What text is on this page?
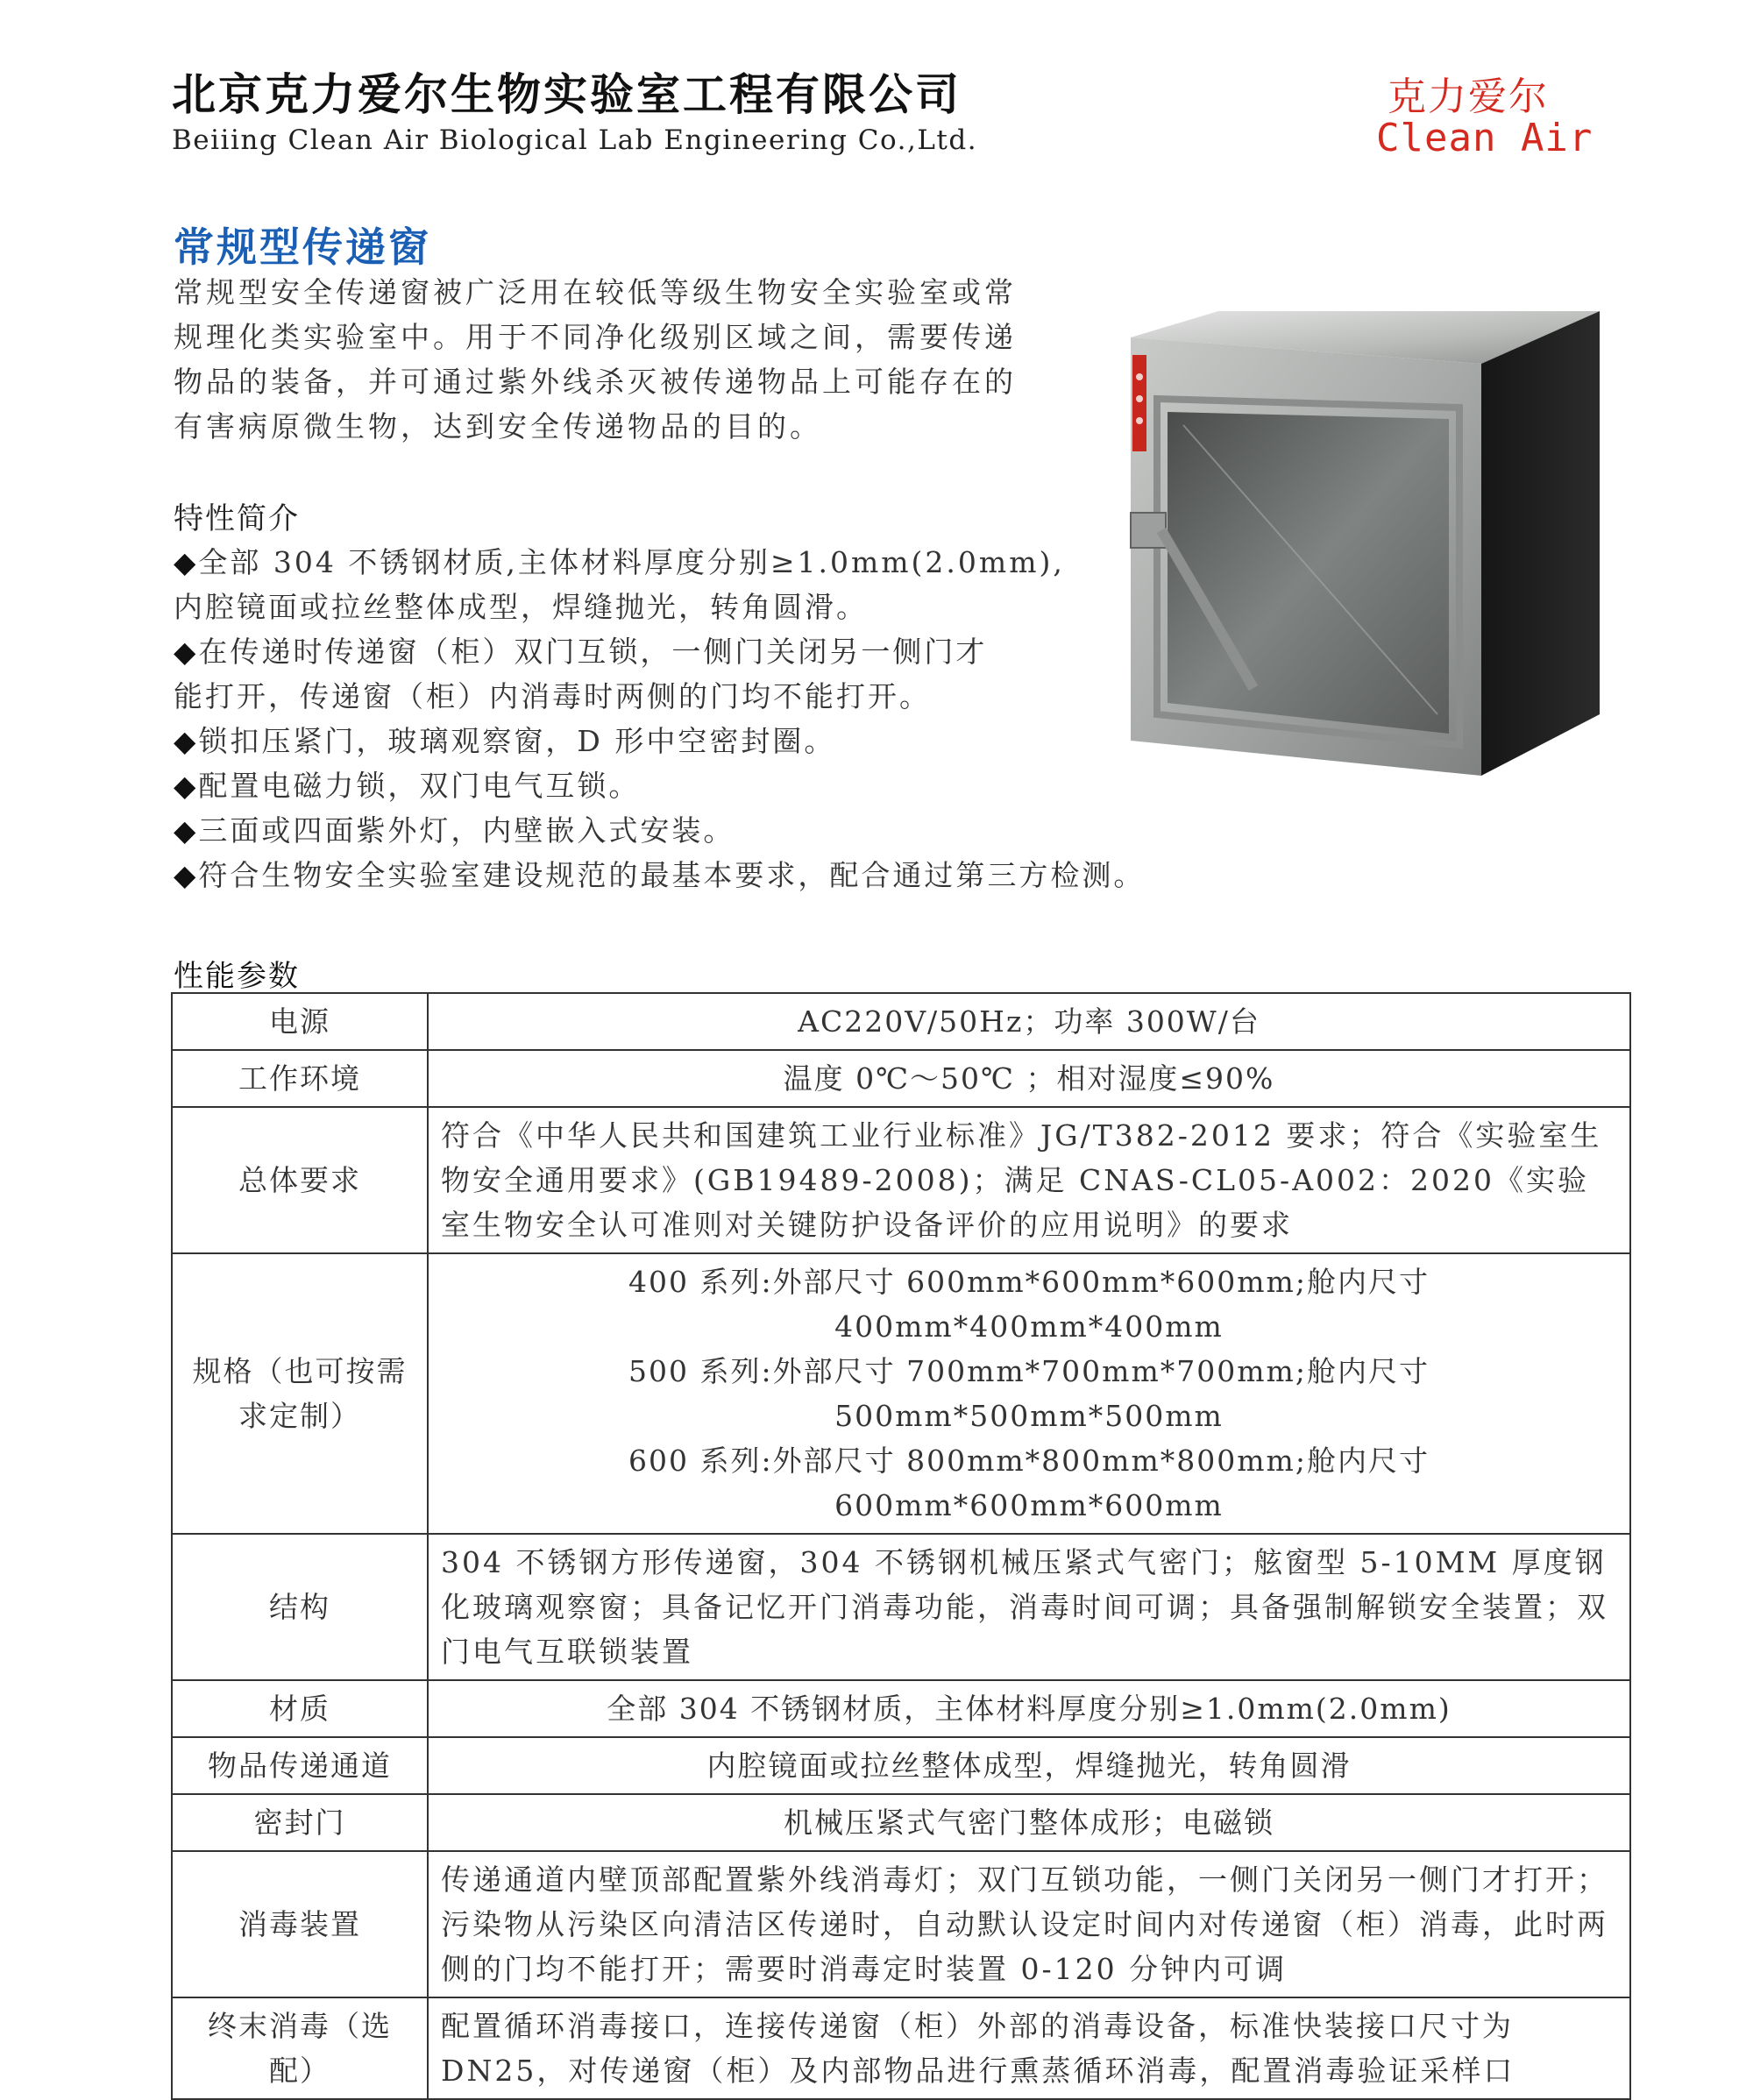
北京克力爱尔生物实验室工程有限公司
Beiiing Clean Air Biological Lab Engineering Co.,Ltd.
克力爱尔
Clean Air
常规型传递窗
常规型安全传递窗被广泛用在较低等级生物安全实验室或常
规理化类实验室中。用于不同净化级别区域之间，需要传递
物品的装备，并可通过紫外线杀灭被传递物品上可能存在的
有害病原微生物，达到安全传递物品的目的。
特性简介
◆全部 304 不锈钢材质,主体材料厚度分别≥1.0mm(2.0mm),
内腔镜面或拉丝整体成型，焊缝抛光，转角圆滑。
◆在传递时传递窗（柜）双门互锁，一侧门关闭另一侧门才
能打开，传递窗（柜）内消毒时两侧的门均不能打开。
◆锁扣压紧门，玻璃观察窗，D 形中空密封圈。
◆配置电磁力锁，双门电气互锁。
◆三面或四面紫外灯，内壁嵌入式安装。
◆符合生物安全实验室建设规范的最基本要求，配合通过第三方检测。
性能参数
电源	AC220V/50Hz；功率 300W/台
工作环境	温度 0℃～50℃ ；相对湿度≤90%
总体要求	符合《中华人民共和国建筑工业行业标准》JG/T382-2012 要求；符合《实验室生物安全通用要求》(GB19489-2008)；满足 CNAS-CL05-A002：2020《实验室生物安全认可准则对关键防护设备评价的应用说明》的要求
规格（也可按需求定制）	400 系列:外部尺寸 600mm*600mm*600mm;舱内尺寸 400mm*400mm*400mm
500 系列:外部尺寸 700mm*700mm*700mm;舱内尺寸 500mm*500mm*500mm
600 系列:外部尺寸 800mm*800mm*800mm;舱内尺寸 600mm*600mm*600mm

结构	304 不锈钢方形传递窗，304 不锈钢机械压紧式气密门；舷窗型 5-10MM 厚度钢化玻璃观察窗；具备记忆开门消毒功能，消毒时间可调；具备强制解锁安全装置；双门电气互联锁装置
材质	全部 304 不锈钢材质，主体材料厚度分别≥1.0mm(2.0mm)
物品传递通道	内腔镜面或拉丝整体成型，焊缝抛光，转角圆滑
密封门	机械压紧式气密门整体成形；电磁锁
消毒装置	传递通道内壁顶部配置紫外线消毒灯；双门互锁功能，一侧门关闭另一侧门才打开；污染物从污染区向清洁区传递时，自动默认设定时间内对传递窗（柜）消毒，此时两侧的门均不能打开；需要时消毒定时装置 0-120 分钟内可调
终末消毒（选配）	配置循环消毒接口，连接传递窗（柜）外部的消毒设备，标准快装接口尺寸为 DN25，对传递窗（柜）及内部物品进行熏蒸循环消毒，配置消毒验证采样口
